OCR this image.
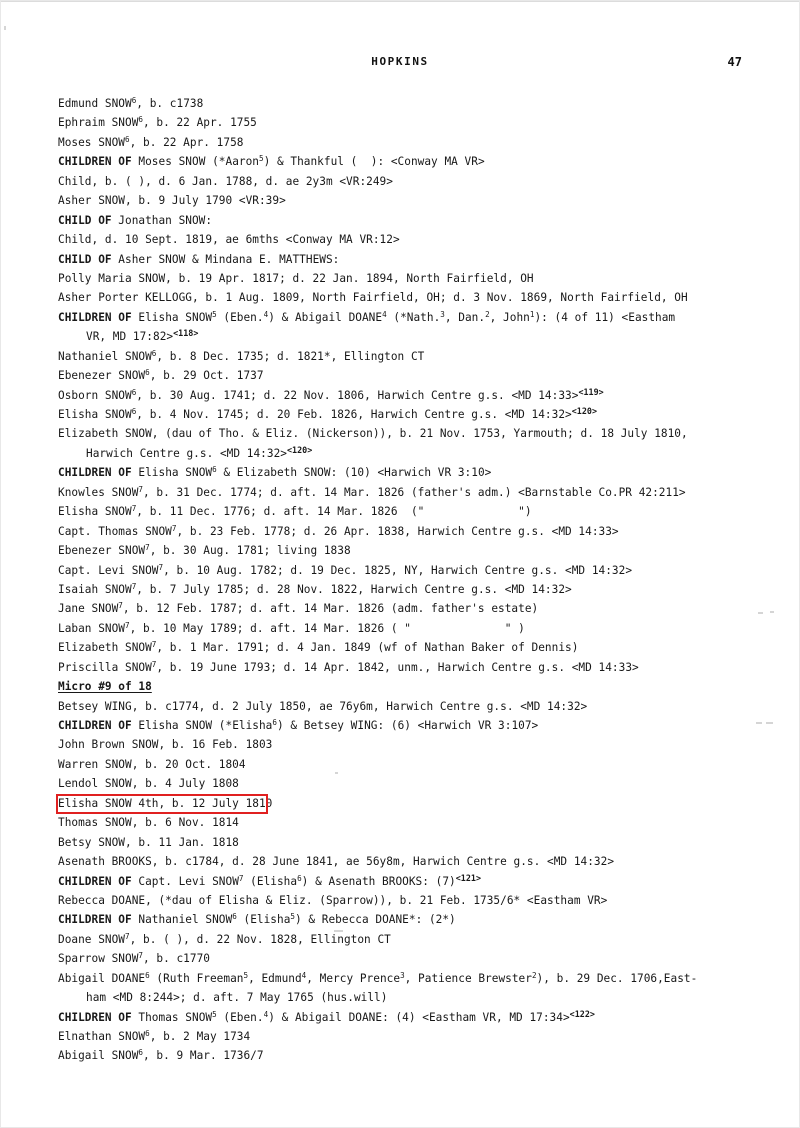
HOPKINS	47
Edmund SNOW$^6$, b. c1738
Ephraim SNOW$^6$, b. 22 Apr. 1755
Moses SNOW$^6$, b. 22 Apr. 1758
CHILDREN OF Moses SNOW (*Aaron$^5$) & Thankful (  ): <Conway MA VR>
Child, b. ( ), d. 6 Jan. 1788, d. ae 2y3m <VR:249>
Asher SNOW, b. 9 July 1790 <VR:39>
CHILD OF Jonathan SNOW:
Child, d. 10 Sept. 1819, ae 6mths <Conway MA VR:12>
CHILD OF Asher SNOW & Mindana E. MATTHEWS:
Polly Maria SNOW, b. 19 Apr. 1817; d. 22 Jan. 1894, North Fairfield, OH
Asher Porter KELLOGG, b. 1 Aug. 1809, North Fairfield, OH; d. 3 Nov. 1869, North Fairfield, OH
CHILDREN OF Elisha SNOW$^5$ (Eben.$^4$) & Abigail DOANE$^4$ (*Nath.$^3$, Dan.$^2$, John$^1$): (4 of 11) <Eastham
VR, MD 17:82>$^{<118>}$
Nathaniel SNOW$^6$, b. 8 Dec. 1735; d. 1821*, Ellington CT
Ebenezer SNOW$^6$, b. 29 Oct. 1737
Osborn SNOW$^6$, b. 30 Aug. 1741; d. 22 Nov. 1806, Harwich Centre g.s. <MD 14:33>$^{<119>}$
Elisha SNOW$^6$, b. 4 Nov. 1745; d. 20 Feb. 1826, Harwich Centre g.s. <MD 14:32>$^{<120>}$
Elizabeth SNOW, (dau of Tho. & Eliz. (Nickerson)), b. 21 Nov. 1753, Yarmouth; d. 18 July 1810,
Harwich Centre g.s. <MD 14:32>$^{<120>}$
CHILDREN OF Elisha SNOW$^6$ & Elizabeth SNOW: (10) <Harwich VR 3:10>
Knowles SNOW$^7$, b. 31 Dec. 1774; d. aft. 14 Mar. 1826 (father's adm.) <Barnstable Co.PR 42:211>
Elisha SNOW$^7$, b. 11 Dec. 1776; d. aft. 14 Mar. 1826  ("              ")
Capt. Thomas SNOW$^7$, b. 23 Feb. 1778; d. 26 Apr. 1838, Harwich Centre g.s. <MD 14:33>
Ebenezer SNOW$^7$, b. 30 Aug. 1781; living 1838
Capt. Levi SNOW$^7$, b. 10 Aug. 1782; d. 19 Dec. 1825, NY, Harwich Centre g.s. <MD 14:32>
Isaiah SNOW$^7$, b. 7 July 1785; d. 28 Nov. 1822, Harwich Centre g.s. <MD 14:32>
Jane SNOW$^7$, b. 12 Feb. 1787; d. aft. 14 Mar. 1826 (adm. father's estate)
Laban SNOW$^7$, b. 10 May 1789; d. aft. 14 Mar. 1826 ( "              " )
Elizabeth SNOW$^7$, b. 1 Mar. 1791; d. 4 Jan. 1849 (wf of Nathan Baker of Dennis)
Priscilla SNOW$^7$, b. 19 June 1793; d. 14 Apr. 1842, unm., Harwich Centre g.s. <MD 14:33>
Micro #9 of 18
Betsey WING, b. c1774, d. 2 July 1850, ae 76y6m, Harwich Centre g.s. <MD 14:32>
CHILDREN OF Elisha SNOW (*Elisha$^6$) & Betsey WING: (6) <Harwich VR 3:107>
John Brown SNOW, b. 16 Feb. 1803
Warren SNOW, b. 20 Oct. 1804
Lendol SNOW, b. 4 July 1808
Elisha SNOW 4th, b. 12 July 1810
Thomas SNOW, b. 6 Nov. 1814
Betsy SNOW, b. 11 Jan. 1818
Asenath BROOKS, b. c1784, d. 28 June 1841, ae 56y8m, Harwich Centre g.s. <MD 14:32>
CHILDREN OF Capt. Levi SNOW$^7$ (Elisha$^6$) & Asenath BROOKS: $(7)^{<121>}$
Rebecca DOANE, (*dau of Elisha & Eliz. (Sparrow)), b. 21 Feb. 1735/6* <Eastham VR>
CHILDREN OF Nathaniel SNOW$^6$ (Elisha$^5$) & Rebecca DOANE*: (2*)
Doane SNOW$^7$, b. ( ), d. 22 Nov. 1828, Ellington CT
Sparrow SNOW$^7$, b. c1770
Abigail DOANE$^6$ (Ruth Freeman$^5$, Edmund$^4$, Mercy Prence$^3$, Patience Brewster$^2$), b. 29 Dec. 1706,East-
ham <MD 8:244>; d. aft. 7 May 1765 (hus.will)
CHILDREN OF Thomas SNOW$^5$ (Eben.$^4$) & Abigail DOANE: (4) <Eastham VR, MD 17:34>$^{<122>}$
Elnathan SNOW$^6$, b. 2 May 1734
Abigail SNOW$^6$, b. 9 Mar. 1736/7
